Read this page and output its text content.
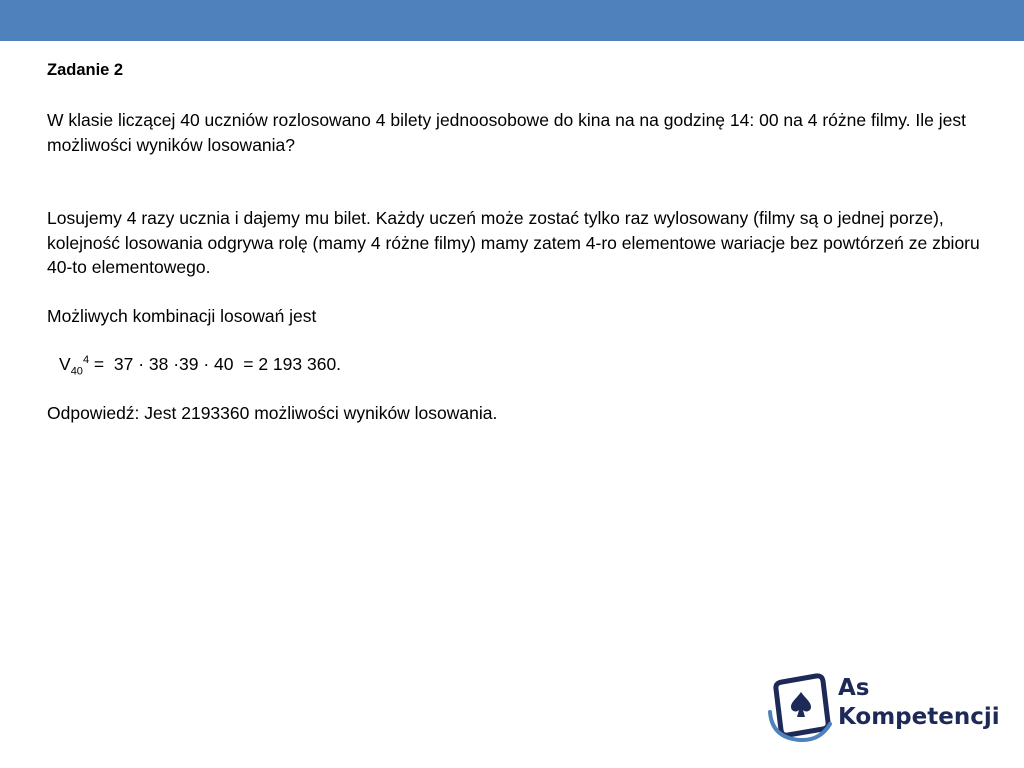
Zadanie 2

W klasie liczącej 40 uczniów rozlosowano 4 bilety jednoosobowe do kina na na godzinę 14: 00 na 4 różne filmy. Ile jest możliwości wyników losowania?

Losujemy 4 razy ucznia i dajemy mu bilet. Każdy uczeń może zostać tylko raz wylosowany (filmy są o jednej porze), kolejność losowania odgrywa rolę (mamy 4 różne filmy) mamy zatem 4-ro elementowe wariacje bez powtórzeń ze zbioru 40-to elementowego.

Możliwych kombinacji losowań jest

$V_{40}^4 = 37 \cdot 38 \cdot 39 \cdot 40 = 2$ 193 360.

Odpowiedź: Jest 2193360 możliwości wyników losowania.

As
Kompetencji
